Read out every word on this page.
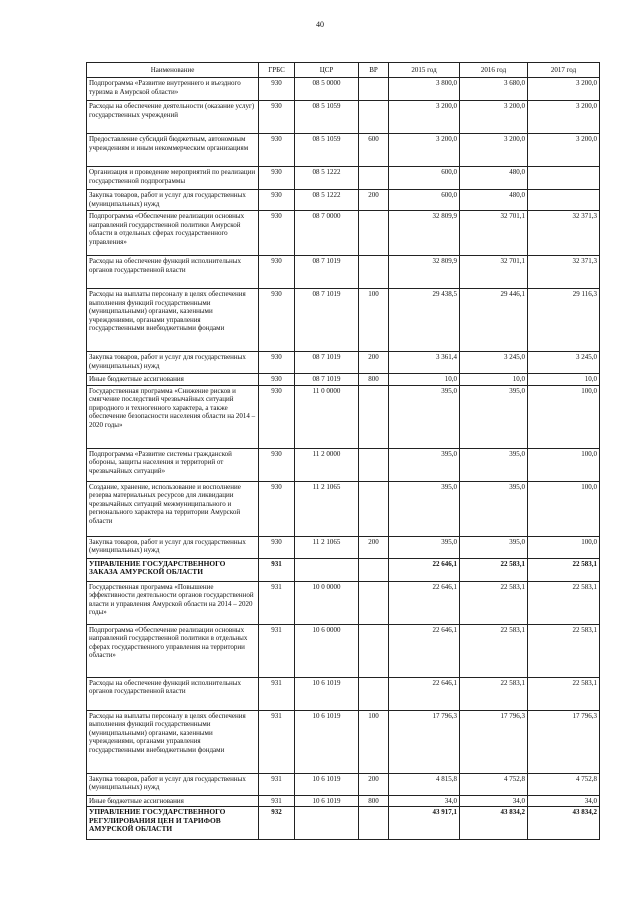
40
Наименование	ГРБС	ЦСР	ВР	2015 год	2016 год	2017 год
Подпрограмма «Развитие внутреннего и въездного туризма в Амурской области»	930	08 5 0000		3 800,0	3 680,0	3 200,0
Расходы на обеспечение деятельности (оказание услуг) государственных учреждений	930	08 5 1059		3 200,0	3 200,0	3 200,0
Предоставление субсидий бюджетным, автономным учреждениям и иным некоммерческим организациям	930	08 5 1059	600	3 200,0	3 200,0	3 200,0
Организация и проведение мероприятий по реализации государственной подпрограммы	930	08 5 1222		600,0	480,0	
Закупка товаров, работ и услуг для государственных (муниципальных) нужд	930	08 5 1222	200	600,0	480,0	
Подпрограмма «Обеспечение реализации основных направлений государственной политики Амурской области в отдельных сферах государственного управления»	930	08 7 0000		32 809,9	32 701,1	32 371,3
Расходы на обеспечение функций исполнительных органов государственной власти	930	08 7 1019		32 809,9	32 701,1	32 371,3
Расходы на выплаты персоналу в целях обеспечения выполнения функций государственными (муниципальными) органами, казенными учреждениями, органами управления государственными внебюджетными фондами	930	08 7 1019	100	29 438,5	29 446,1	29 116,3
Закупка товаров, работ и услуг для государственных (муниципальных) нужд	930	08 7 1019	200	3 361,4	3 245,0	3 245,0
Иные бюджетные ассигнования	930	08 7 1019	800	10,0	10,0	10,0
Государственная программа «Снижение рисков и смягчение последствий чрезвычайных ситуаций природного и техногенного характера, а также обеспечение безопасности населения области на 2014 – 2020 годы»	930	11 0 0000		395,0	395,0	100,0
Подпрограмма «Развитие системы гражданской обороны, защиты населения и территорий от чрезвычайных ситуаций»	930	11 2 0000		395,0	395,0	100,0
Создание, хранение, использование и восполнение резерва материальных ресурсов для ликвидации чрезвычайных ситуаций межмуниципального и регионального характера на территории Амурской области	930	11 2 1065		395,0	395,0	100,0
Закупка товаров, работ и услуг для государственных (муниципальных) нужд	930	11 2 1065	200	395,0	395,0	100,0
УПРАВЛЕНИЕ ГОСУДАРСТВЕННОГО ЗАКАЗА АМУРСКОЙ ОБЛАСТИ	931			22 646,1	22 583,1	22 583,1
Государственная программа «Повышение эффективности деятельности органов государственной власти и управления Амурской области на 2014 – 2020 годы»	931	10 0 0000		22 646,1	22 583,1	22 583,1
Подпрограмма «Обеспечение реализации основных направлений государственной политики в отдельных сферах государственного управления на территории области»	931	10 6 0000		22 646,1	22 583,1	22 583,1
Расходы на обеспечение функций исполнительных органов государственной власти	931	10 6 1019		22 646,1	22 583,1	22 583,1
Расходы на выплаты персоналу в целях обеспечения выполнения функций государственными (муниципальными) органами, казенными учреждениями, органами управления государственными внебюджетными фондами	931	10 6 1019	100	17 796,3	17 796,3	17 796,3
Закупка товаров, работ и услуг для государственных (муниципальных) нужд	931	10 6 1019	200	4 815,8	4 752,8	4 752,8
Иные бюджетные ассигнования	931	10 6 1019	800	34,0	34,0	34,0
УПРАВЛЕНИЕ ГОСУДАРСТВЕННОГО РЕГУЛИРОВАНИЯ ЦЕН И ТАРИФОВ АМУРСКОЙ ОБЛАСТИ	932			43 917,1	43 834,2	43 834,2
